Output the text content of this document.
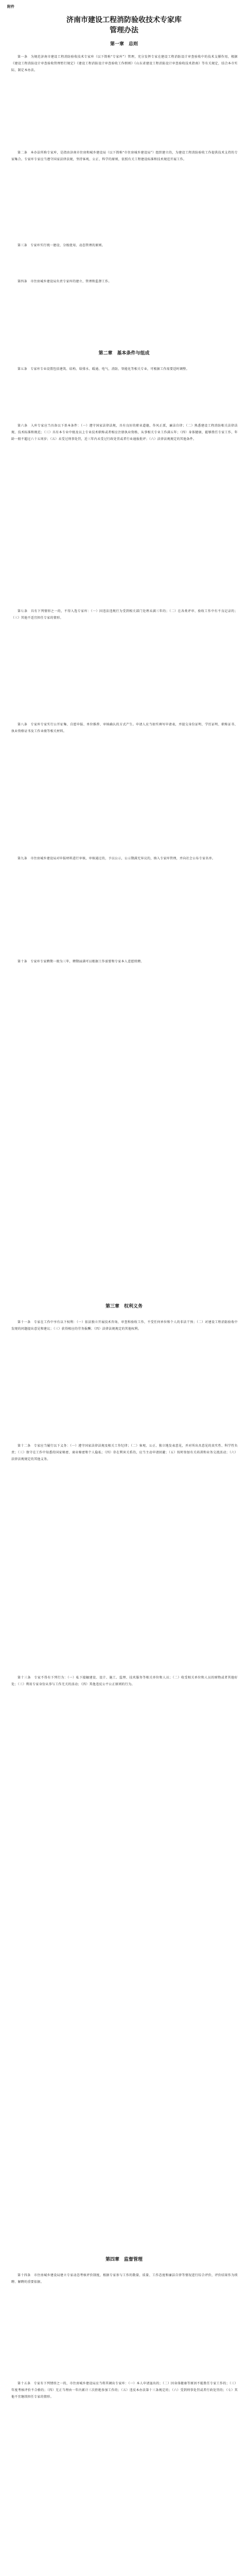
附件
济南市建设工程消防验收技术专家库
管理办法
第一章　总则
第一条　为规范济南市建设工程消防验收技术专家库（以下简称“专家库”）管理，充分发挥专家在建设工程消防设计审查验收中的技术支撑作用，根据《建设工程消防设计审查验收管理暂行规定》《建设工程消防设计审查验收工作细则》《山东省建设工程消防设计审查验收技术指南》等有关规定，结合本市实际，制定本办法。
第二条　本办法所称专家库，是指由济南市住房和城乡建设局（以下简称“市住房城乡建设局”）组织建立的，为建设工程消防验收工作提供技术支持的专家集合。专家库专家应当遵守国家法律法规，坚持客观、公正、科学的原则，依照有关工程建设标准和技术规范开展工作。
第三条　专家库实行统一建设、分级使用、动态管理的原则。
第四条　市住房城乡建设局负责专家库的建立、管理和监督工作。
第二章　基本条件与组成
第五条　专家库专业设置包括建筑、结构、给排水、暖通、电气、消防、智能化等相关专业，可根据工作需要适时调整。
第六条　入库专家应当具备以下基本条件：（一）遵守国家法律法规，具有良好的职业道德，作风正派，廉洁自律；（二）熟悉建设工程消防相关法律法规、技术标准和规范；（三）具有本专业中级及以上专业技术职称或者相应注册执业资格，从事相关专业工作满五年；（四）身体健康，能够胜任专家工作，年龄一般不超过六十五周岁；（五）未受过刑事处罚，近三年内未受过行政处罚或者行业通报批评；（六）法律法规规定的其他条件。
第七条　具有下列情形之一的，不得入选专家库：（一）因违法违规行为受到相关部门处理未满三年的；（二）在各类评审、验收工作中有不良记录的；（三）其他不适宜担任专家的情形。
第八条　专家库专家实行公开征集、自愿申报、单位推荐、审核确认的方式产生。申请人应当如实填写申请表，并提交身份证明、学历证明、职称证书、执业资格证书及工作业绩等相关材料。
第九条　市住房城乡建设局对申报材料进行审核，审核通过的，予以公示，公示期满无异议的，纳入专家库管理，并向社会公布专家名单。
第十条　专家库专家聘期一般为三年，聘期届满可以根据工作需要和专家本人意愿续聘。
第三章　权利义务
第十一条　专家在工作中享有以下权利：（一）依法独立开展技术咨询、审查和验收工作，不受任何单位和个人的非法干预；（二）对建设工程消防验收中发现的问题提出意见和建议；（三）获得相应的劳务报酬；（四）法律法规规定的其他权利。
第十二条　专家应当履行以下义务：（一）遵守国家法律法规及相关工作纪律；（二）客观、公正、独立地发表意见，并对所出具意见的真实性、科学性负责；（三）保守在工作中知悉的国家秘密、商业秘密和个人隐私；（四）存在利害关系的，应当主动申请回避；（五）按时参加有关培训和业务交流活动；（六）法律法规规定的其他义务。
第十三条　专家不得有下列行为：（一）私下接触建设、设计、施工、监理、技术服务等相关单位和人员；（二）收受相关单位和人员的财物或者其他好处；（三）利用专家身份从事与工作无关的活动；（四）其他违反公平公正原则的行为。
第四章　监督管理
第十四条　市住房城乡建设局建立专家动态考核评价制度，根据专家参与工作的数量、质量、工作态度和廉洁自律等情况进行综合评价，评价结果作为续聘、解聘的重要依据。
第十五条　专家有下列情形之一的，市住房城乡建设局应当将其调出专家库：（一）本人申请退出的；（二）因身体健康等原因不能胜任专家工作的；（三）年度考核评价不合格的；（四）无正当理由一年内累计三次拒绝参加工作的；（五）违反本办法第十三条规定的；（六）受到刑事处罚或者行政处罚的；（七）其他不宜继续担任专家的情形。
